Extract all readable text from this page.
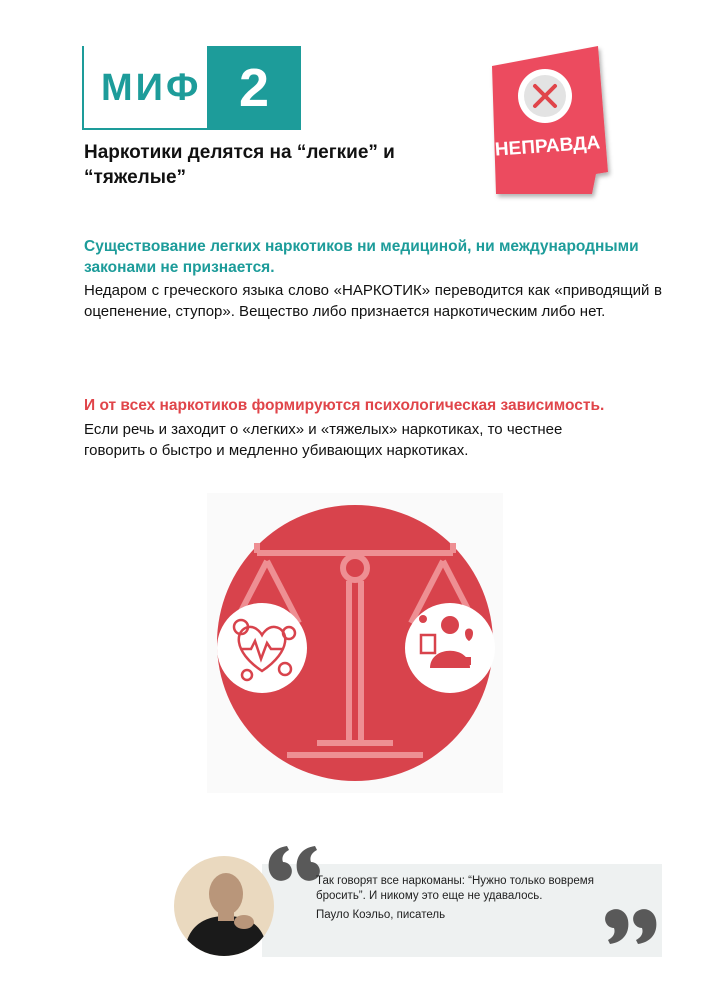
МИФ 2
Наркотики делятся на “легкие” и “тяжелые”
НЕПРАВДА
Существование легких наркотиков ни медициной, ни международными законами не признается.
Недаром с греческого языка слово «НАРКОТИК» переводится как «приводящий в оцепенение, ступор». Вещество либо признается наркотическим либо нет.
И от всех наркотиков формируются психологическая зависимость.
Если речь и заходит о «легких» и «тяжелых» наркотиках, то честнее говорить о быстро и медленно убивающих наркотиках.
Так говорят все наркоманы: “Нужно только вовремя бросить”. И никому это еще не удавалось.
Пауло Коэльо, писатель
